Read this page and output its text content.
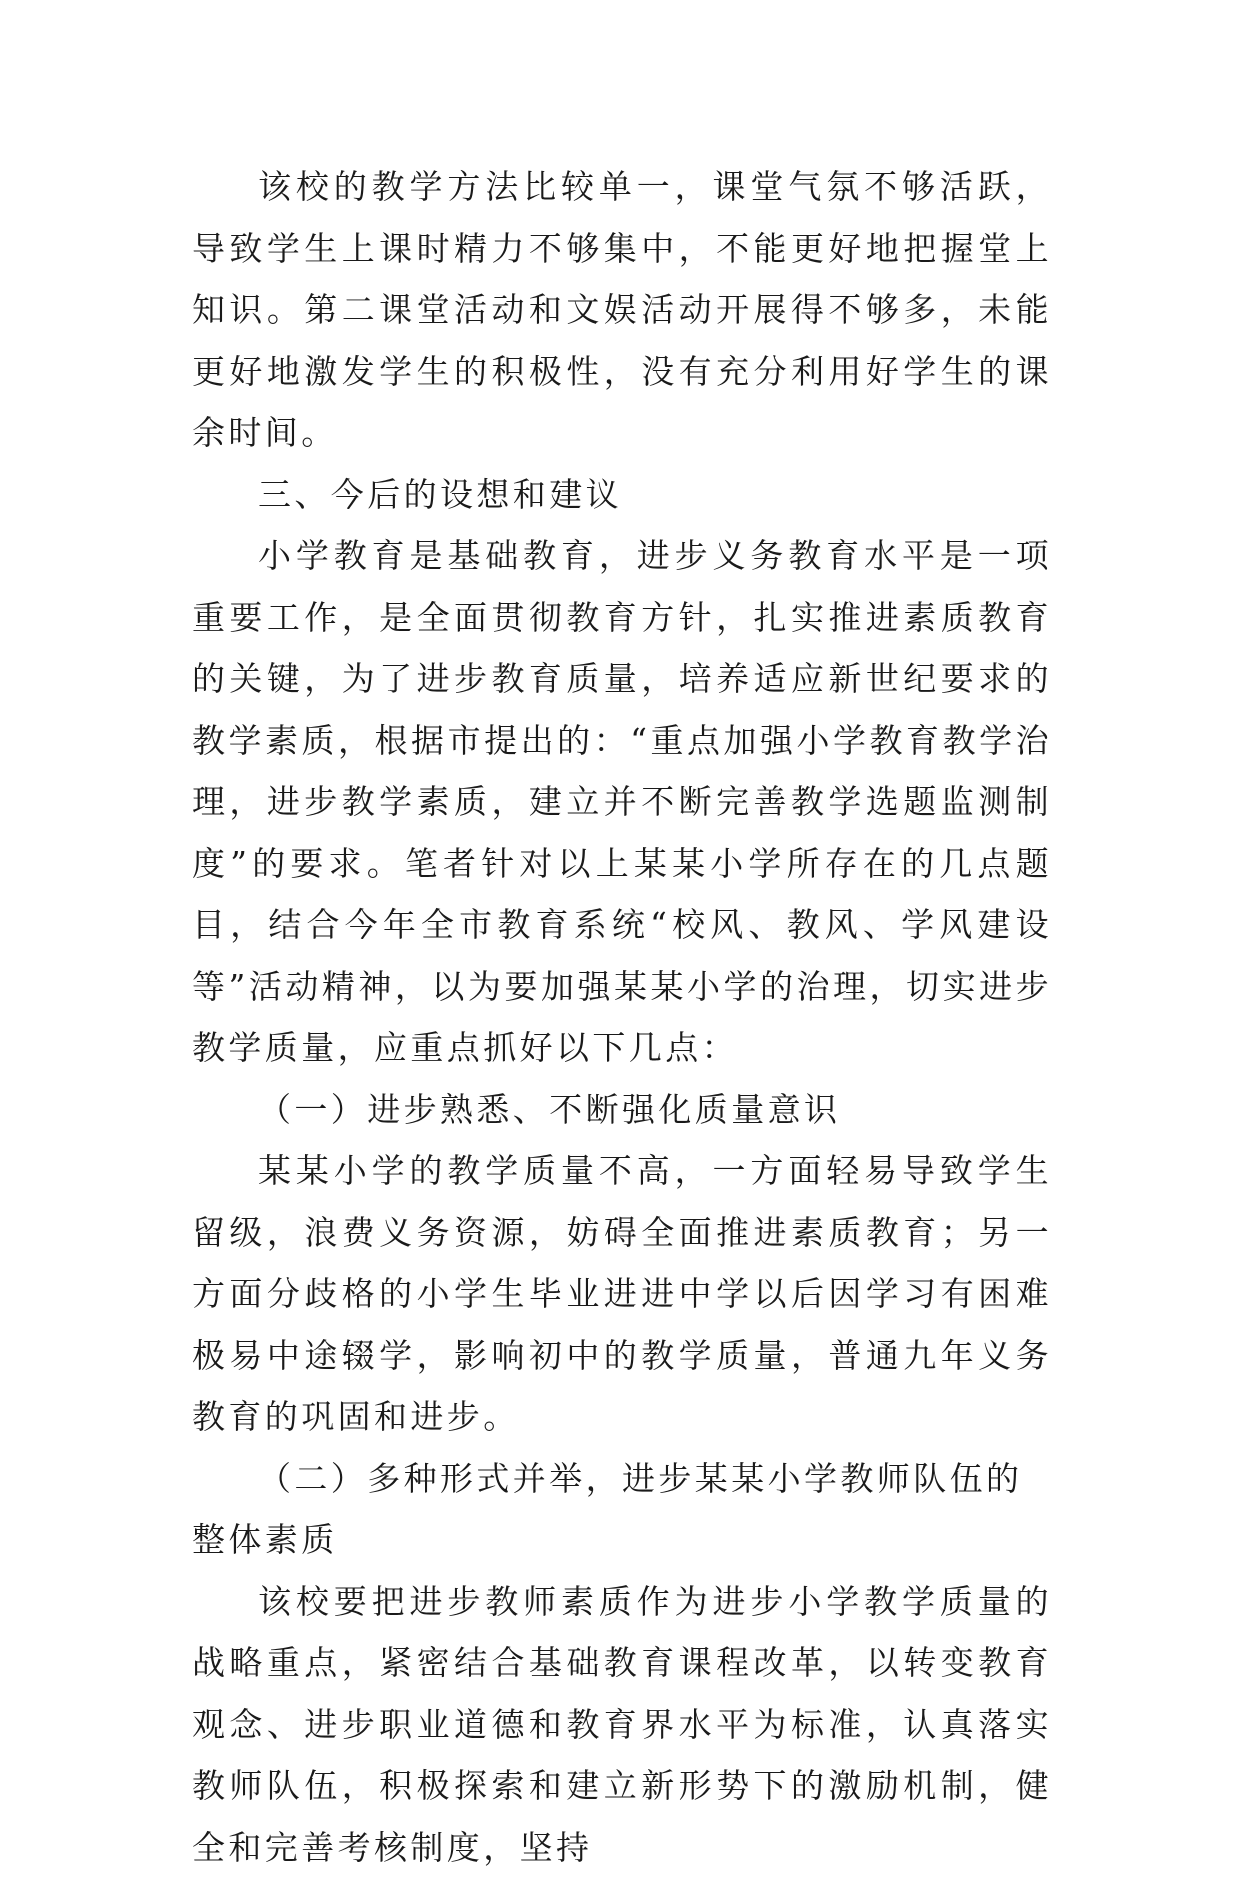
该校的教学方法比较单一，课堂气氛不够活跃，导致学生上课时精力不够集中，不能更好地把握堂上知识。第二课堂活动和文娱活动开展得不够多，未能更好地激发学生的积极性，没有充分利用好学生的课余时间。

三、今后的设想和建议

小学教育是基础教育，进步义务教育水平是一项重要工作，是全面贯彻教育方针，扎实推进素质教育的关键，为了进步教育质量，培养适应新世纪要求的教学素质，根据市提出的：“重点加强小学教育教学治理，进步教学素质，建立并不断完善教学选题监测制度”的要求。笔者针对以上某某小学所存在的几点题目，结合今年全市教育系统“校风、教风、学风建设等”活动精神，以为要加强某某小学的治理，切实进步教学质量，应重点抓好以下几点：

（一）进步熟悉、不断强化质量意识

某某小学的教学质量不高，一方面轻易导致学生留级，浪费义务资源，妨碍全面推进素质教育；另一方面分歧格的小学生毕业进进中学以后因学习有困难极易中途辍学，影响初中的教学质量，普通九年义务教育的巩固和进步。

（二）多种形式并举，进步某某小学教师队伍的整体素质

该校要把进步教师素质作为进步小学教学质量的战略重点，紧密结合基础教育课程改革，以转变教育观念、进步职业道德和教育界水平为标准，认真落实教师队伍，积极探索和建立新形势下的激励机制，健全和完善考核制度，坚持
